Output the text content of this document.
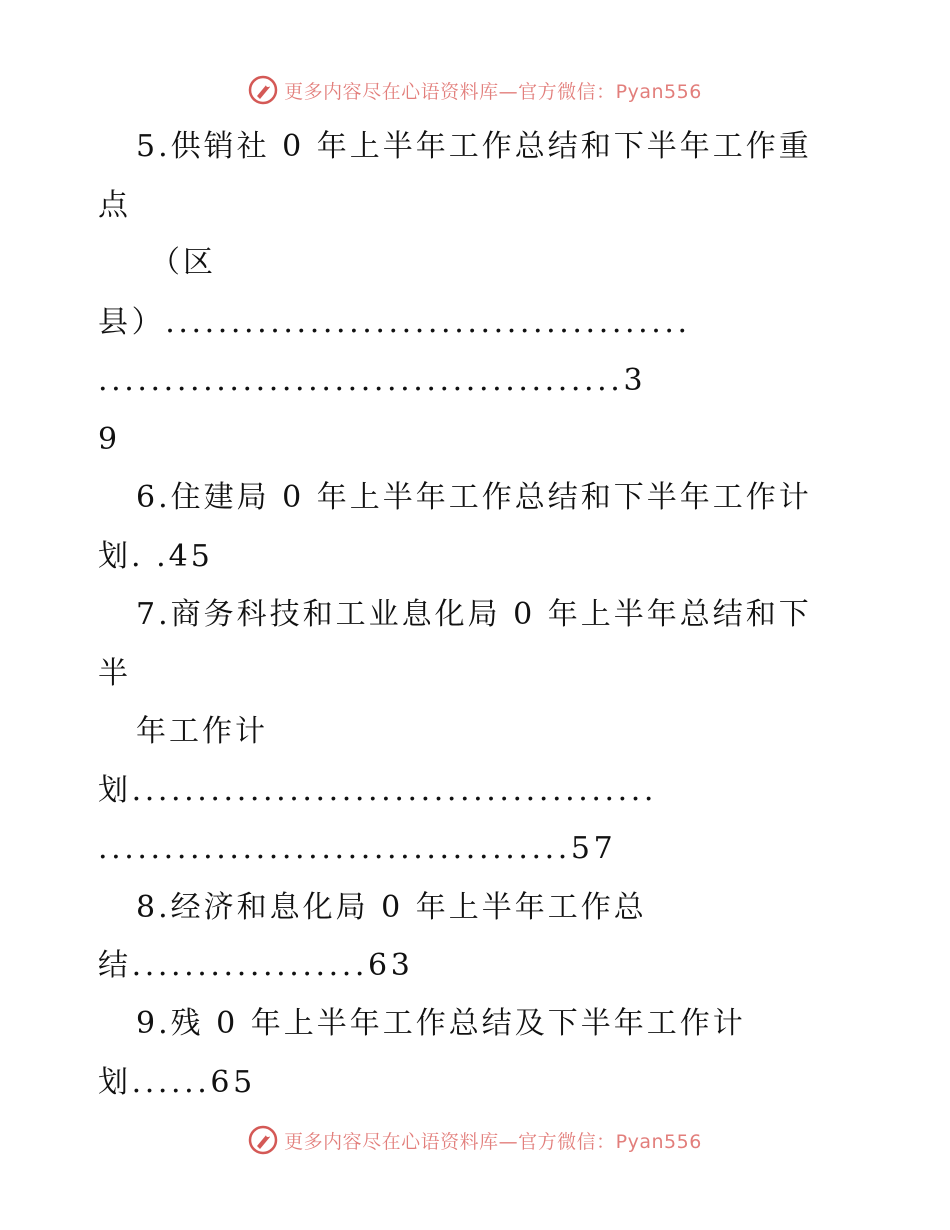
更多内容尽在心语资料库—官方微信：Pyan556
5.供销社 0 年上半年工作总结和下半年工作重
点
（区
县）........................................
........................................3
9
6.住建局 0 年上半年工作总结和下半年工作计
划. .45
7.商务科技和工业息化局 0 年上半年总结和下
半
年工作计
划........................................
....................................57
8.经济和息化局 0 年上半年工作总
结..................63
9.残 0 年上半年工作总结及下半年工作计
划......65
更多内容尽在心语资料库—官方微信：Pyan556
